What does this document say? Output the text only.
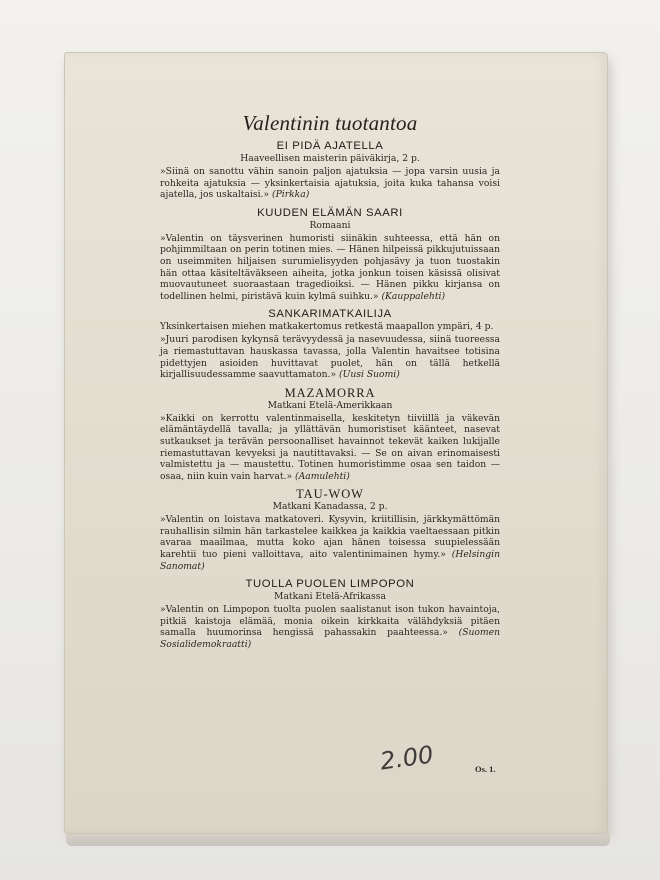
Valentinin tuotantoa
EI PIDÄ AJATELLA
Haaveellisen maisterin päiväkirja, 2 p.
»Siinä on sanottu vähin sanoin paljon ajatuksia — jopa varsin uusia ja rohkeita ajatuksia — yksinkertaisia ajatuksia, joita kuka tahansa voisi ajatella, jos uskaltaisi.» (Pirkka)
KUUDEN ELÄMÄN SAARI
Romaani
»Valentin on täysverinen humoristi siinäkin suhteessa, että hän on pohjimmiltaan on perin totinen mies. — Hänen hilpeissä pikkujutuissaan on useimmiten hiljaisen surumielisyyden pohjasävy ja tuon tuostakin hän ottaa käsiteltäväkseen aiheita, jotka jonkun toisen käsissä olisivat muovautuneet suoraastaan tragedioiksi. — Hänen pikku kirjansa on todellinen helmi, piristävä kuin kylmä suihku.» (Kauppalehti)
SANKARIMATKAILIJA
Yksinkertaisen miehen matkakertomus retkestä maapallon ympäri, 4 p.
»Juuri parodisen kykynsä terävyydessä ja nasevuudessa, siinä tuoreessa ja riemastuttavan hauskassa tavassa, jolla Valentin havaitsee totisina pidettyjen asioiden huvittavat puolet, hän on tällä hetkellä kirjallisuudessamme saavuttamaton.» (Uusi Suomi)
MAZAMORRA
Matkani Etelä-Amerikkaan
»Kaikki on kerrottu valentinmaisella, keskitetyn tiiviillä ja väkevän elämäntäydellä tavalla; ja yllättävän humoristiset käänteet, nasevat sutkaukset ja terävän persoonalliset havainnot tekevät kaiken lukijalle riemastuttavan kevyeksi ja nautittavaksi. — Se on aivan erinomaisesti valmistettu ja — maustettu. Totinen humoristimme osaa sen taidon — osaa, niin kuin vain harvat.» (Aamulehti)
TAU-WOW
Matkani Kanadassa, 2 p.
»Valentin on loistava matkatoveri. Kysyvin, kriitillisin, järkkymättömän rauhallisin silmin hän tarkastelee kaikkea ja kaikkia vaeltaessaan pitkin avaraa maailmaa, mutta koko ajan hänen toisessa suupielessään karehtii tuo pieni valloittava, aito valentinimainen hymy.» (Helsingin Sanomat)
TUOLLA PUOLEN LIMPOPON
Matkani Etelä-Afrikassa
»Valentin on Limpopon tuolta puolen saalistanut ison tukon havaintoja, pitkiä kaistoja elämää, monia oikein kirkkaita välähdyksiä pitäen samalla huumorinsa hengissä pahassakin paahteessa.» (Suomen Sosialidemokraatti)
2.00	Os. 1.
